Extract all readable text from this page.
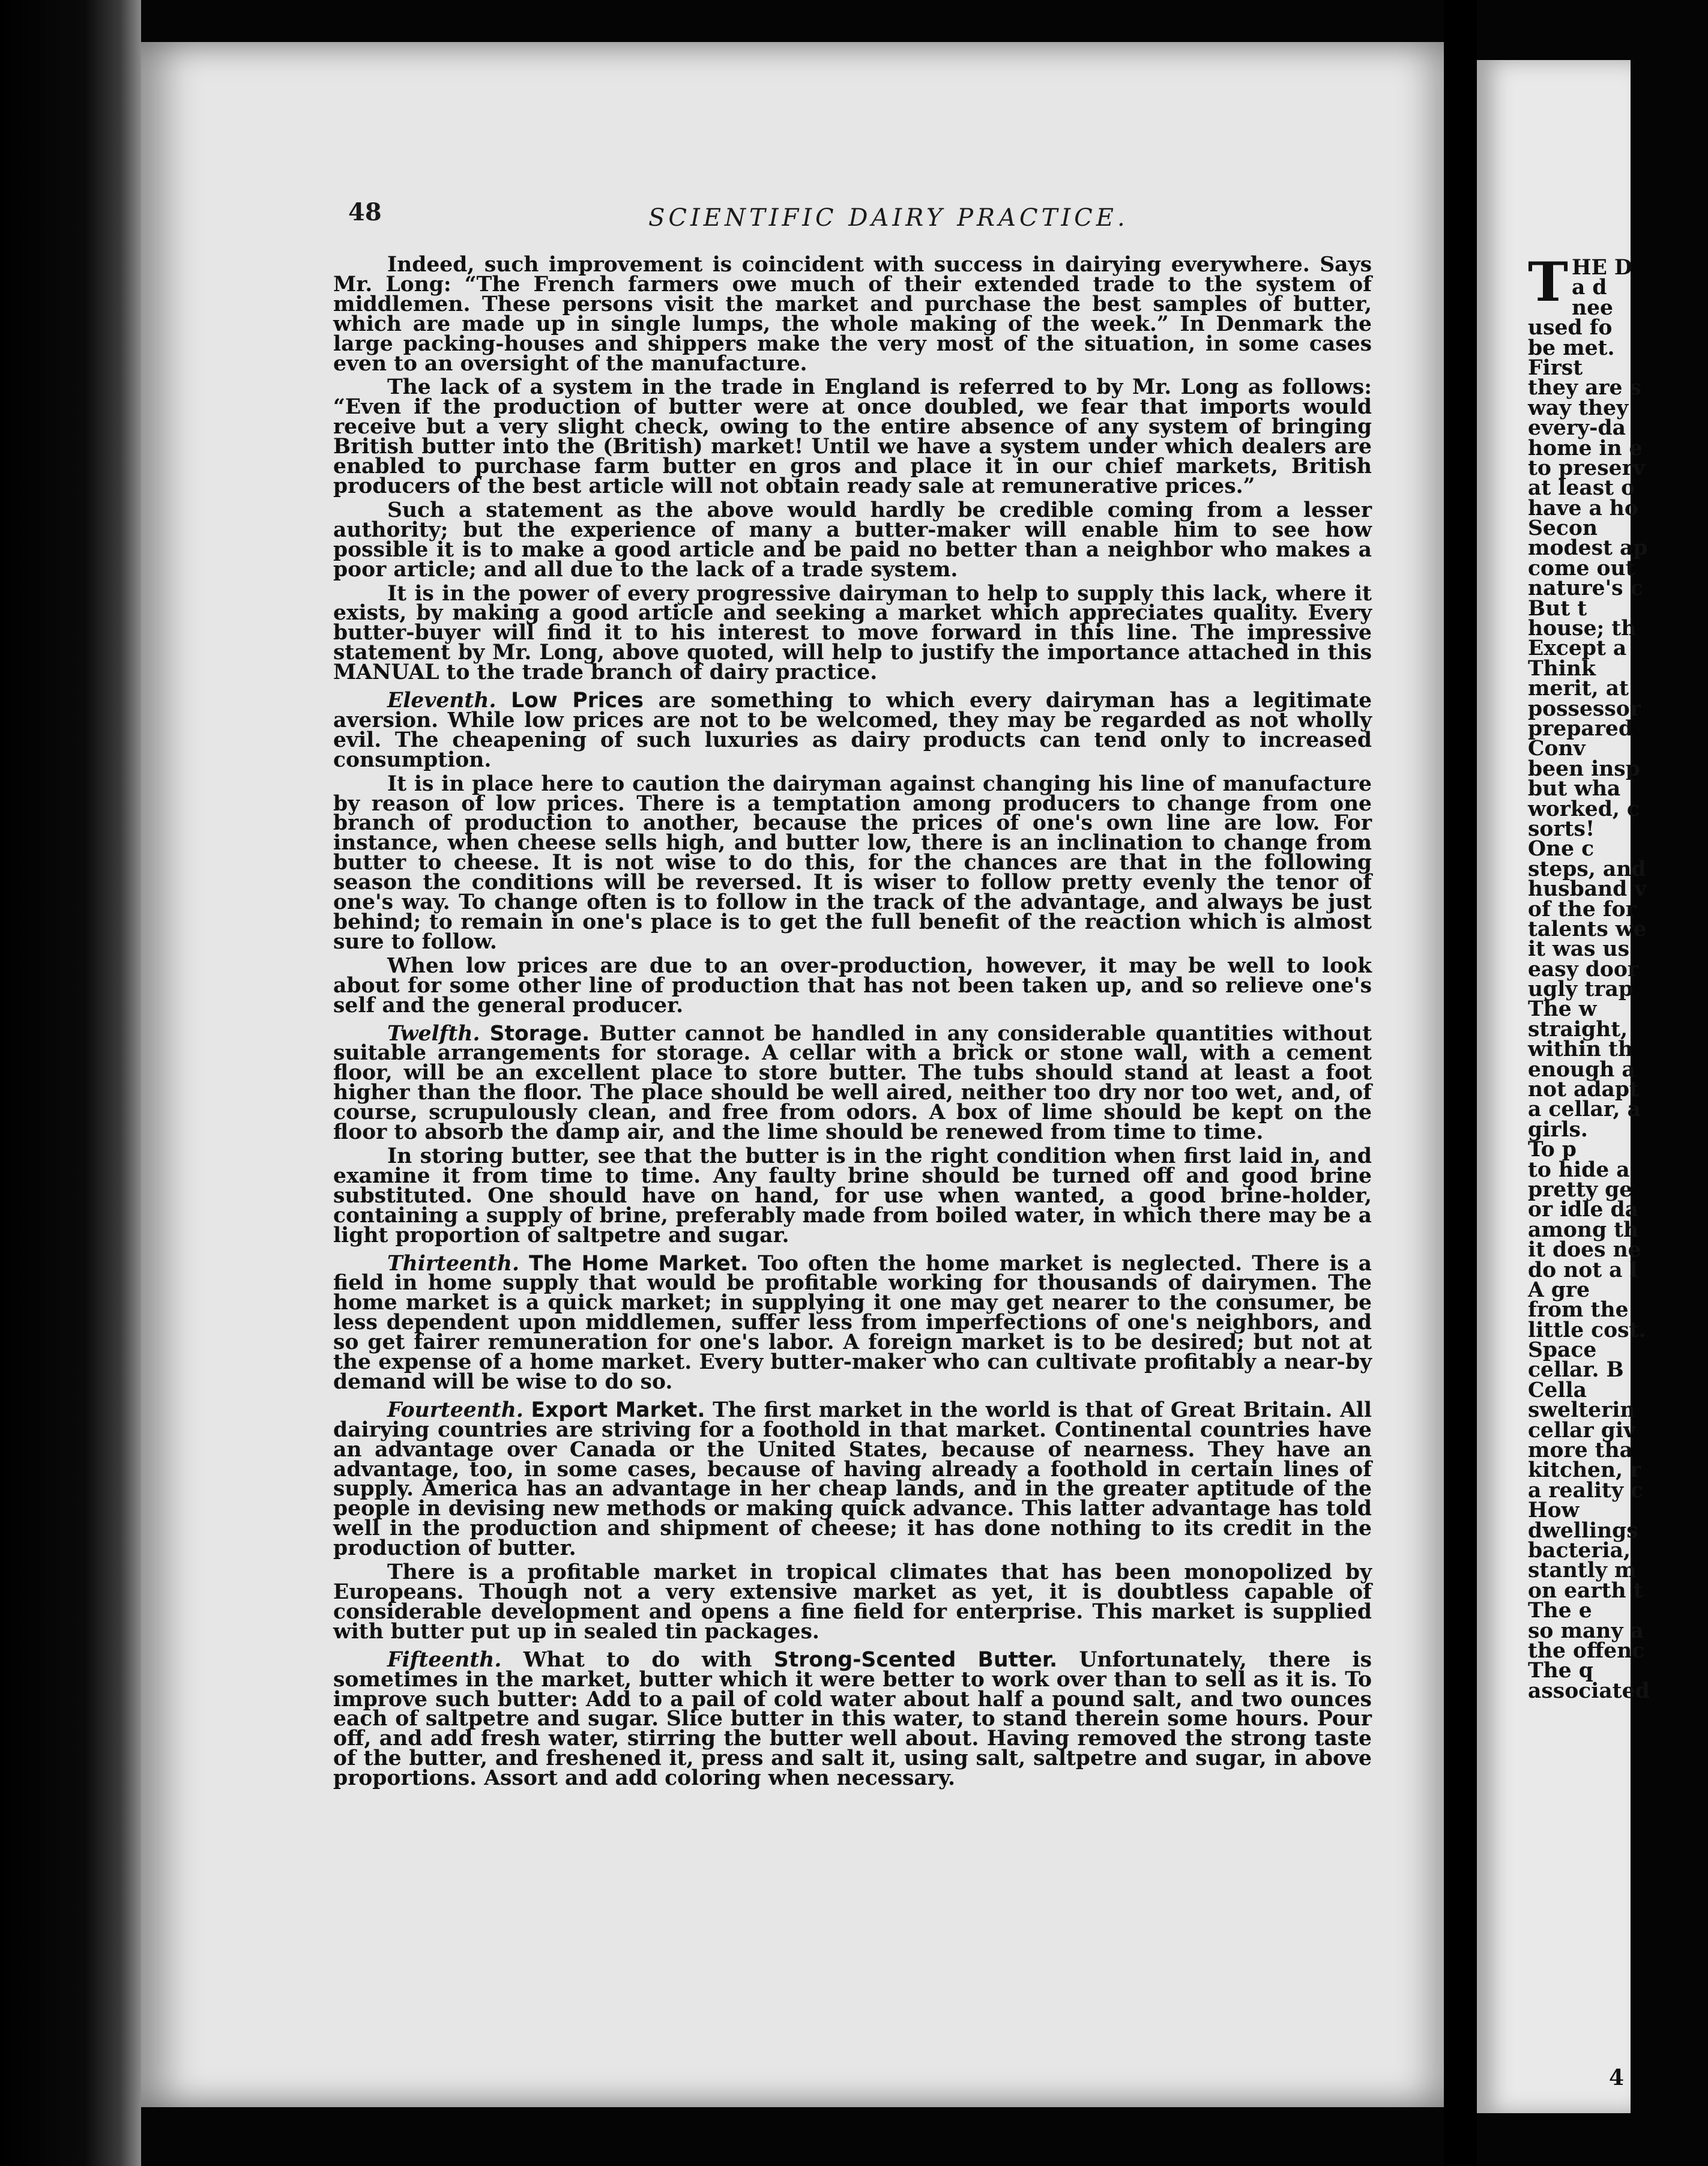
48	SCIENTIFIC DAIRY PRACTICE.

Indeed, such improvement is coincident with success in dairying everywhere. Says Mr. Long: “The French farmers owe much of their extended trade to the system of middlemen. These persons visit the market and purchase the best samples of butter, which are made up in single lumps, the whole making of the week.” In Denmark the large packing-houses and shippers make the very most of the situation, in some cases even to an oversight of the manufacture.

The lack of a system in the trade in England is referred to by Mr. Long as follows: “Even if the production of butter were at once doubled, we fear that imports would receive but a very slight check, owing to the entire absence of any system of bringing British butter into the (British) market! Until we have a system under which dealers are enabled to purchase farm butter en gros and place it in our chief markets, British producers of the best article will not obtain ready sale at remunerative prices.”

Such a statement as the above would hardly be credible coming from a lesser authority; but the experience of many a butter-maker will enable him to see how possible it is to make a good article and be paid no better than a neighbor who makes a poor article; and all due to the lack of a trade system.

It is in the power of every progressive dairyman to help to supply this lack, where it exists, by making a good article and seeking a market which appreciates quality. Every butter-buyer will find it to his interest to move forward in this line. The impressive statement by Mr. Long, above quoted, will help to justify the importance attached in this MANUAL to the trade branch of dairy practice.

Eleventh. Low Prices are something to which every dairyman has a legitimate aversion. While low prices are not to be welcomed, they may be regarded as not wholly evil. The cheapening of such luxuries as dairy products can tend only to increased consumption.

It is in place here to caution the dairyman against changing his line of manufacture by reason of low prices. There is a temptation among producers to change from one branch of production to another, because the prices of one's own line are low. For instance, when cheese sells high, and butter low, there is an inclination to change from butter to cheese. It is not wise to do this, for the chances are that in the following season the conditions will be reversed. It is wiser to follow pretty evenly the tenor of one's way. To change often is to follow in the track of the advantage, and always be just behind; to remain in one's place is to get the full benefit of the reaction which is almost sure to follow.

When low prices are due to an over-production, however, it may be well to look about for some other line of production that has not been taken up, and so relieve one's self and the general producer.

Twelfth. Storage. Butter cannot be handled in any considerable quantities without suitable arrangements for storage. A cellar with a brick or stone wall, with a cement floor, will be an excellent place to store butter. The tubs should stand at least a foot higher than the floor. The place should be well aired, neither too dry nor too wet, and, of course, scrupulously clean, and free from odors. A box of lime should be kept on the floor to absorb the damp air, and the lime should be renewed from time to time.

In storing butter, see that the butter is in the right condition when first laid in, and examine it from time to time. Any faulty brine should be turned off and good brine substituted. One should have on hand, for use when wanted, a good brine-holder, containing a supply of brine, preferably made from boiled water, in which there may be a light proportion of saltpetre and sugar.

Thirteenth. The Home Market. Too often the home market is neglected. There is a field in home supply that would be profitable working for thousands of dairymen. The home market is a quick market; in supplying it one may get nearer to the consumer, be less dependent upon middlemen, suffer less from imperfections of one's neighbors, and so get fairer remuneration for one's labor. A foreign market is to be desired; but not at the expense of a home market. Every butter-maker who can cultivate profitably a near-by demand will be wise to do so.

Fourteenth. Export Market. The first market in the world is that of Great Britain. All dairying countries are striving for a foothold in that market. Continental countries have an advantage over Canada or the United States, because of nearness. They have an advantage, too, in some cases, because of having already a foothold in certain lines of supply. America has an advantage in her cheap lands, and in the greater aptitude of the people in devising new methods or making quick advance. This latter advantage has told well in the production and shipment of cheese; it has done nothing to its credit in the production of butter.

There is a profitable market in tropical climates that has been monopolized by Europeans. Though not a very extensive market as yet, it is doubtless capable of considerable development and opens a fine field for enterprise. This market is supplied with butter put up in sealed tin packages.

Fifteenth. What to do with Strong-Scented Butter. Unfortunately, there is sometimes in the market, butter which it were better to work over than to sell as it is. To improve such butter: Add to a pail of cold water about half a pound salt, and two ounces each of saltpetre and sugar. Slice butter in this water, to stand therein some hours. Pour off, and add fresh water, stirring the butter well about. Having removed the strong taste of the butter, and freshened it, press and salt it, using salt, saltpetre and sugar, in above proportions. Assort and add coloring when necessary.

T HE D
a d
nee
used fo
be met.
First
they are s
way they
every-da
home in e
to preserv
at least o
have a ho
Secon
modest ap
come out
nature's c
But t
house; th
Except a
Think
merit, at
possessor
prepared
Conv
been insp
but wha
worked, c
sorts!
One c
steps, and
husband v
of the for
talents we
it was us
easy door
ugly trap
The w
straight,
within th
enough a
not adapt
a cellar, a
girls.
To p
to hide a
pretty ge
or idle da
among th
it does ne
do not a l
A gre
from the
little cost.
Space
cellar. B
Cella
swelterin
cellar giv
more tha
kitchen, r
a reality c
How
dwellings
bacteria,
stantly m
on earth t
The e
so many a
the offenc
The q
associated
4
